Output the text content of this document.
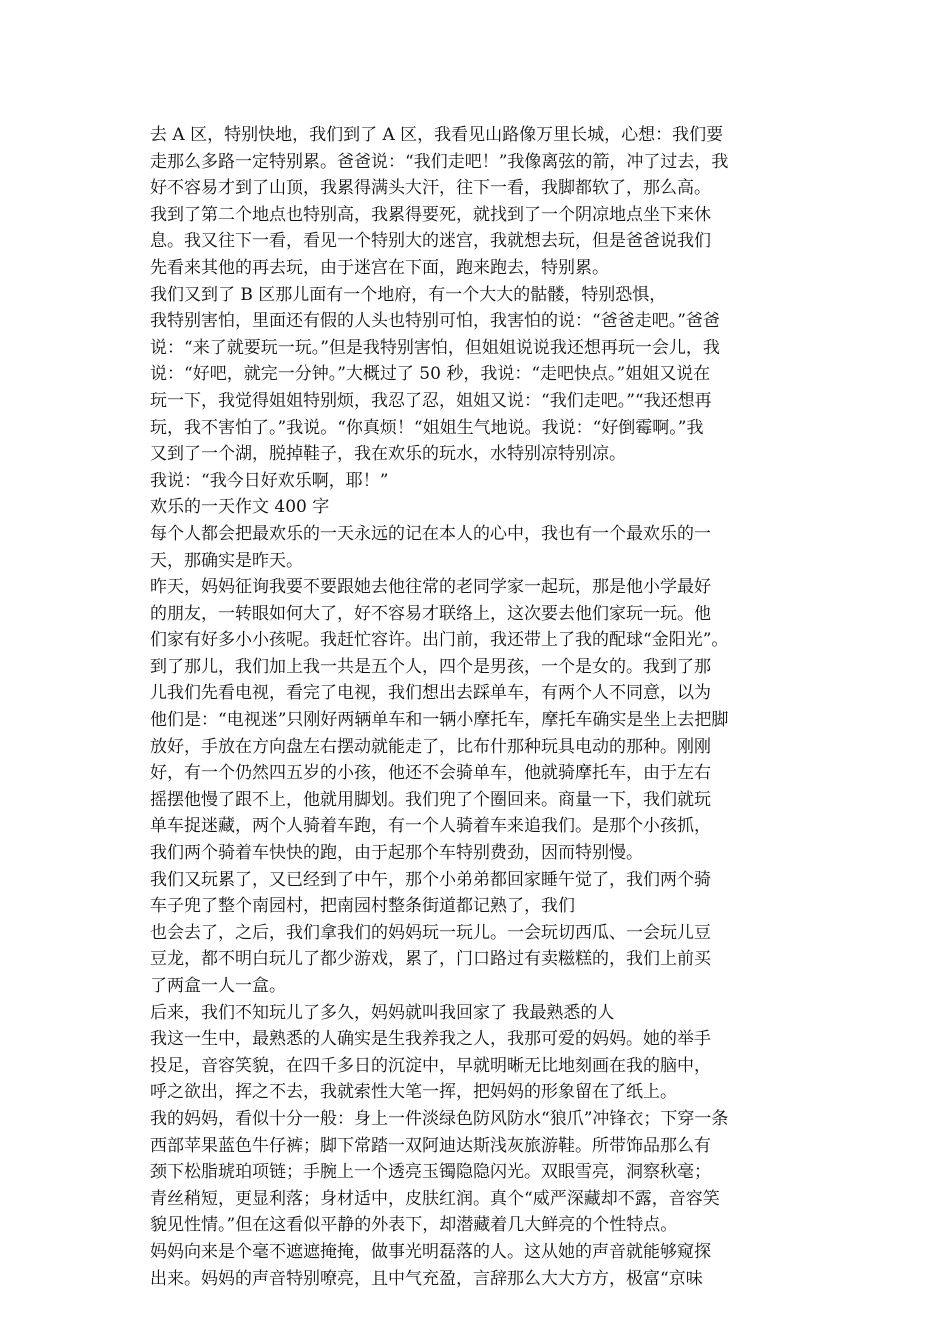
去 A 区，特别快地，我们到了 A 区，我看见山路像万里长城，心想：我们要
走那么多路一定特别累。爸爸说：“我们走吧！”我像离弦的箭，冲了过去，我
好不容易才到了山顶，我累得满头大汗，往下一看，我脚都软了，那么高。
我到了第二个地点也特别高，我累得要死，就找到了一个阴凉地点坐下来休
息。我又往下一看，看见一个特别大的迷宫，我就想去玩，但是爸爸说我们
先看来其他的再去玩，由于迷宫在下面，跑来跑去，特别累。

我们又到了 B 区那儿面有一个地府，有一个大大的骷髅，特别恐惧，

我特别害怕，里面还有假的人头也特别可怕，我害怕的说：“爸爸走吧。”爸爸
说：“来了就要玩一玩。”但是我特别害怕，但姐姐说说我还想再玩一会儿，我
说：“好吧，就完一分钟。”大概过了 50 秒，我说：“走吧快点。”姐姐又说在
玩一下，我觉得姐姐特别烦，我忍了忍，姐姐又说：“我们走吧。”“我还想再
玩，我不害怕了。”我说。“你真烦！“姐姐生气地说。我说：“好倒霉啊。”我
又到了一个湖，脱掉鞋子，我在欢乐的玩水，水特别凉特别凉。

我说：“我今日好欢乐啊，耶！”

欢乐的一天作文 400 字

每个人都会把最欢乐的一天永远的记在本人的心中，我也有一个最欢乐的一
天，那确实是昨天。

昨天，妈妈征询我要不要跟她去他往常的老同学家一起玩，那是他小学最好
的朋友，一转眼如何大了，好不容易才联络上，这次要去他们家玩一玩。他
们家有好多小小孩呢。我赶忙容许。出门前，我还带上了我的配球“金阳光”。
到了那儿，我们加上我一共是五个人，四个是男孩，一个是女的。我到了那
儿我们先看电视，看完了电视，我们想出去踩单车，有两个人不同意，以为
他们是：“电视迷”只刚好两辆单车和一辆小摩托车，摩托车确实是坐上去把脚
放好，手放在方向盘左右摆动就能走了，比布什那种玩具电动的那种。刚刚
好，有一个仍然四五岁的小孩，他还不会骑单车，他就骑摩托车，由于左右
摇摆他慢了跟不上，他就用脚划。我们兜了个圈回来。商量一下，我们就玩
单车捉迷藏，两个人骑着车跑，有一个人骑着车来追我们。是那个小孩抓，
我们两个骑着车快快的跑，由于起那个车特别费劲，因而特别慢。

我们又玩累了，又已经到了中午，那个小弟弟都回家睡午觉了，我们两个骑
车子兜了整个南园村，把南园村整条街道都记熟了，我们

也会去了，之后，我们拿我们的妈妈玩一玩儿。一会玩切西瓜、一会玩儿豆
豆龙，都不明白玩儿了都少游戏，累了，门口路过有卖糍糕的，我们上前买
了两盒一人一盒。

后来，我们不知玩儿了多久，妈妈就叫我回家了 我最熟悉的人

我这一生中，最熟悉的人确实是生我养我之人，我那可爱的妈妈。她的举手
投足，音容笑貌，在四千多日的沉淀中，早就明晰无比地刻画在我的脑中，
呼之欲出，挥之不去，我就索性大笔一挥，把妈妈的形象留在了纸上。

我的妈妈，看似十分一般：身上一件淡绿色防风防水“狼爪”冲锋衣；下穿一条
西部苹果蓝色牛仔裤；脚下常踏一双阿迪达斯浅灰旅游鞋。所带饰品那么有
颈下松脂琥珀项链；手腕上一个透亮玉镯隐隐闪光。双眼雪亮，洞察秋毫；
青丝稍短，更显利落；身材适中，皮肤红润。真个“威严深藏却不露，音容笑
貌见性情。”但在这看似平静的外表下，却潜藏着几大鲜亮的个性特点。

妈妈向来是个毫不遮遮掩掩，做事光明磊落的人。这从她的声音就能够窥探
出来。妈妈的声音特别嘹亮，且中气充盈，言辞那么大大方方，极富“京味
